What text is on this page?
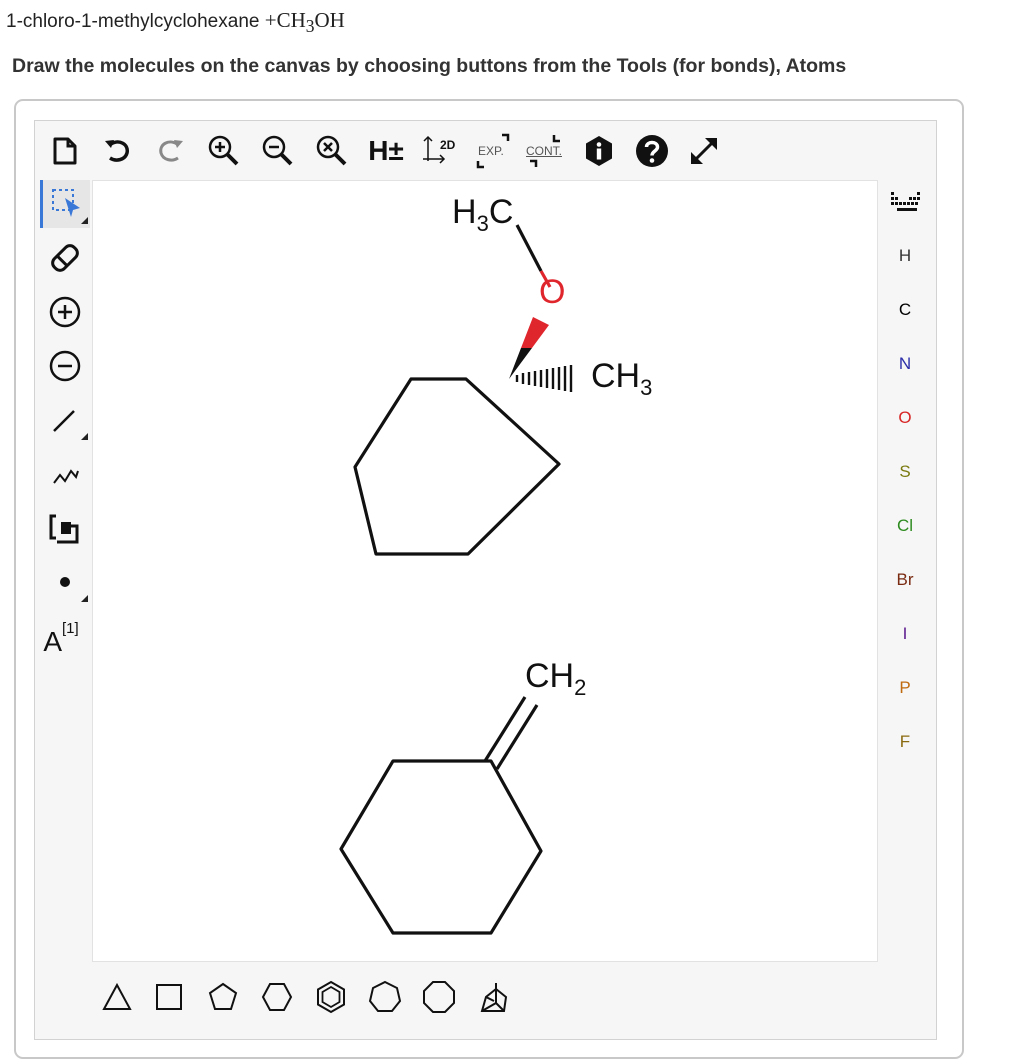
1-chloro-1-methylcyclohexane $+CH_3OH$
Draw the molecules on the canvas by choosing buttons from the Tools (for bonds), Atoms
H±	2D EXP. CONT.
A [1]
H
C
N
O
S
Cl
Br
I
P
F
$H_3C$
O
$CH_3$
$CH_2$
